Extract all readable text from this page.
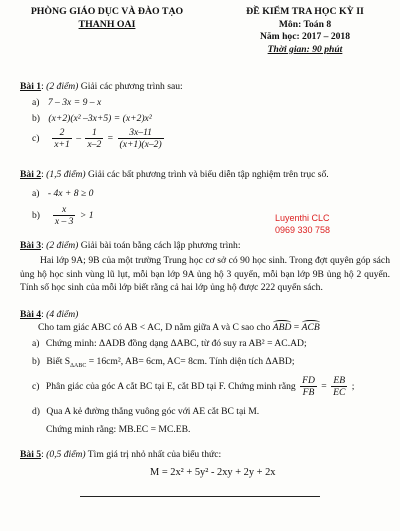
PHÒNG GIÁO DỤC VÀ ĐÀO TẠO
THANH OAI
ĐỀ KIỂM TRA HỌC KỲ II
Môn: Toán 8
Năm học: 2017 – 2018
Thời gian: 90 phút
Bài 1: (2 điểm) Giải các phương trình sau:
a) 7 – 3x = 9 – x
b) (x+2)(x² –3x+5) = (x+2)x²
$c) \frac{2}{x+1} - \frac{1}{x-2} = \frac{3x-11}{(x+1)(x-2)}$
Bài 2: (1,5 điểm) Giải các bất phương trình và biểu diễn tập nghiệm trên trục số.
a) - 4x + 8 ≥ 0
$b) \frac{x}{x - 3} > 1$	Luyenthi CLC
0969 330 758
Bài 3: (2 điểm) Giải bài toán bằng cách lập phương trình:
Hai lớp 9A; 9B của một trường Trung học cơ sở có 90 học sinh. Trong đợt quyên góp sách ủng hộ học sinh vùng lũ lụt, mỗi bạn lớp 9A ủng hộ 3 quyển, mỗi bạn lớp 9B ủng hộ 2 quyển. Tính số học sinh của mỗi lớp biết rằng cả hai lớp ủng hộ được 222 quyển sách.
Bài 4: (4 điểm)
Cho tam giác ABC có AB < AC, D nằm giữa A và C sao cho ABD = ACB
a) Chứng minh: ΔADB đồng dạng ΔABC, từ đó suy ra AB² = AC.AD;
b) Biết $S_{\Delta ABC} = 16cm^2$, AB= 6cm, AC= 8cm. Tính diện tích ΔABD;
c) Phân giác của góc A cắt BC tại E, cắt BD tại F. Chứng minh rằng $\frac{FD}{FB} = \frac{EB}{EC}$ ;
d) Qua A kẻ đường thẳng vuông góc với AE cắt BC tại M.
Chứng minh rằng: MB.EC = MC.EB.
Bài 5: (0,5 điểm) Tìm giá trị nhỏ nhất của biểu thức:
M = 2x² + 5y² - 2xy + 2y + 2x
